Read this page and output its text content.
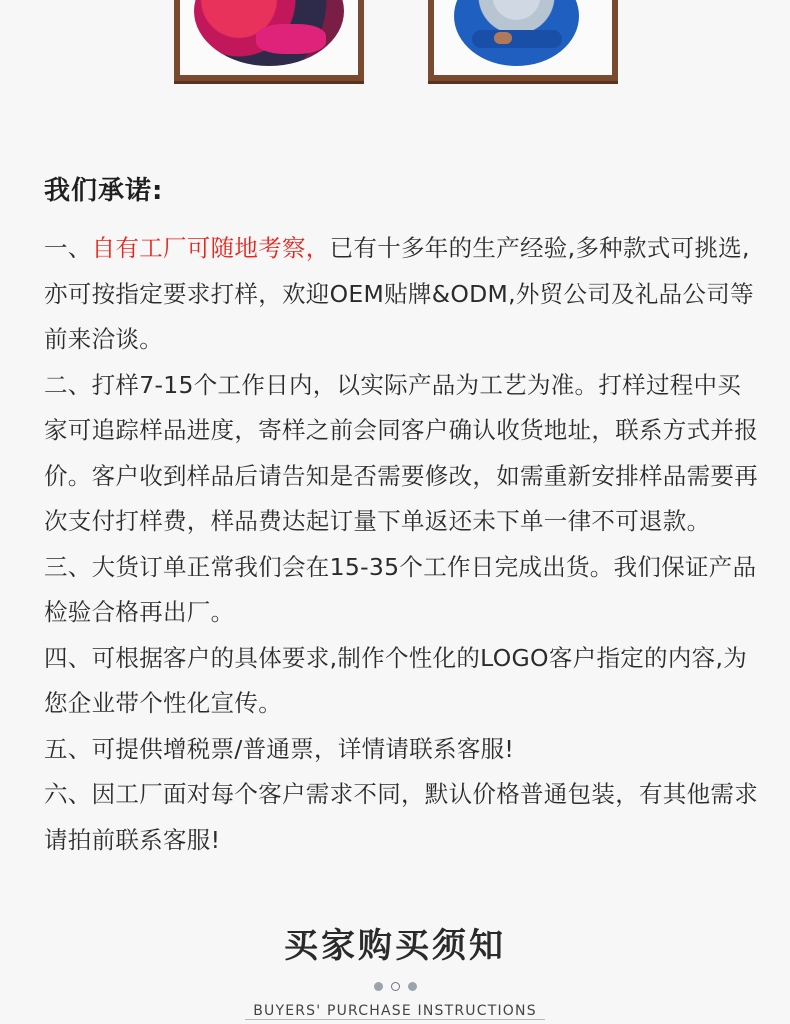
我们承诺:

一、自有工厂可随地考察，已有十多年的生产经验,多种款式可挑选,亦可按指定要求打样，欢迎OEM贴牌&ODM,外贸公司及礼品公司等前来洽谈。

二、打样7-15个工作日内，以实际产品为工艺为准。打样过程中买家可追踪样品进度，寄样之前会同客户确认收货地址，联系方式并报价。客户收到样品后请告知是否需要修改，如需重新安排样品需要再次支付打样费，样品费达起订量下单返还未下单一律不可退款。

三、大货订单正常我们会在15-35个工作日完成出货。我们保证产品检验合格再出厂。

四、可根据客户的具体要求,制作个性化的LOGO客户指定的内容,为您企业带个性化宣传。

五、可提供增税票/普通票，详情请联系客服!

六、因工厂面对每个客户需求不同，默认价格普通包装，有其他需求请拍前联系客服!

买家购买须知
BUYERS' PURCHASE INSTRUCTIONS
